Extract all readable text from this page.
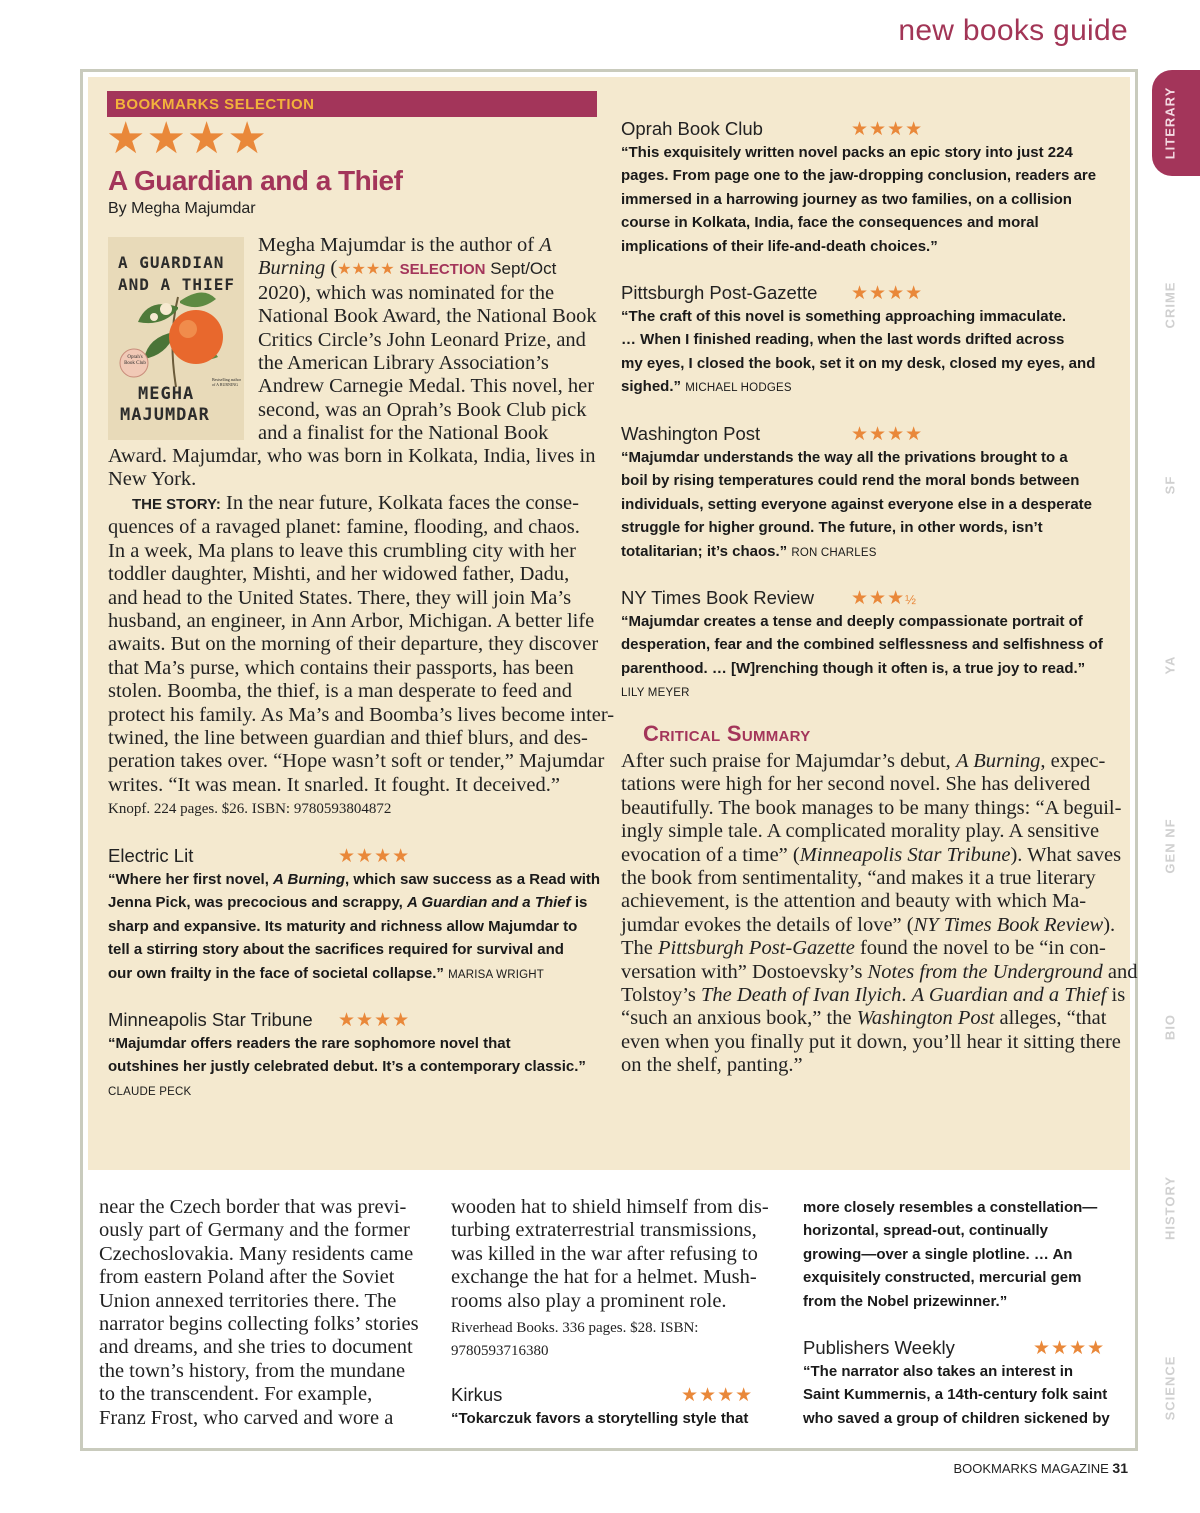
new books guide
LITERARY
CRIME
SF
YA
GEN NF
BIO
HISTORY
SCIENCE
BOOKMARKS SELECTION
★★★★
A Guardian and a Thief
By Megha Majumdar
A GUARDIAN
AND A THIEF
MEGHA
MAJUMDAR
Oprah's Book Club
Bestselling author of A BURNING
Megha Majumdar is the author of A
Burning (★★★★ SELECTION Sept/Oct
2020), which was nominated for the
National Book Award, the National Book
Critics Circle’s John Leonard Prize, and
the American Library Association’s
Andrew Carnegie Medal. This novel, her
second, was an Oprah’s Book Club pick
and a finalist for the National Book
Award. Majumdar, who was born in Kolkata, India, lives in
New York.
THE STORY: In the near future, Kolkata faces the conse-
quences of a ravaged planet: famine, flooding, and chaos.
In a week, Ma plans to leave this crumbling city with her
toddler daughter, Mishti, and her widowed father, Dadu,
and head to the United States. There, they will join Ma’s
husband, an engineer, in Ann Arbor, Michigan. A better life
awaits. But on the morning of their departure, they discover
that Ma’s purse, which contains their passports, has been
stolen. Boomba, the thief, is a man desperate to feed and
protect his family. As Ma’s and Boomba’s lives become inter-
twined, the line between guardian and thief blurs, and des-
peration takes over. “Hope wasn’t soft or tender,” Majumdar
writes. “It was mean. It snarled. It fought. It deceived.”
Knopf. 224 pages. $26. ISBN: 9780593804872
Electric Lit	★★★★
“Where her first novel, A Burning, which saw success as a Read with
Jenna Pick, was precocious and scrappy, A Guardian and a Thief is
sharp and expansive. Its maturity and richness allow Majumdar to
tell a stirring story about the sacrifices required for survival and
our own frailty in the face of societal collapse.” MARISA WRIGHT
Minneapolis Star Tribune ★★★★
“Majumdar offers readers the rare sophomore novel that
outshines her justly celebrated debut. It’s a contemporary classic.”
CLAUDE PECK
Oprah Book Club	★★★★
“This exquisitely written novel packs an epic story into just 224
pages. From page one to the jaw-dropping conclusion, readers are
immersed in a harrowing journey as two families, on a collision
course in Kolkata, India, face the consequences and moral
implications of their life-and-death choices.”
Pittsburgh Post-Gazette ★★★★
“The craft of this novel is something approaching immaculate.
… When I finished reading, when the last words drifted across
my eyes, I closed the book, set it on my desk, closed my eyes, and
sighed.” MICHAEL HODGES
Washington Post	★★★★
“Majumdar understands the way all the privations brought to a
boil by rising temperatures could rend the moral bonds between
individuals, setting everyone against everyone else in a desperate
struggle for higher ground. The future, in other words, isn’t
totalitarian; it’s chaos.” RON CHARLES
NY Times Book Review ★★★½
“Majumdar creates a tense and deeply compassionate portrait of
desperation, fear and the combined selflessness and selfishness of
parenthood. … [W]renching though it often is, a true joy to read.”
LILY MEYER
Critical Summary
After such praise for Majumdar’s debut, A Burning, expec-
tations were high for her second novel. She has delivered
beautifully. The book manages to be many things: “A beguil-
ingly simple tale. A complicated morality play. A sensitive
evocation of a time” (Minneapolis Star Tribune). What saves
the book from sentimentality, “and makes it a true literary
achievement, is the attention and beauty with which Ma-
jumdar evokes the details of love” (NY Times Book Review).
The Pittsburgh Post-Gazette found the novel to be “in con-
versation with” Dostoevsky’s Notes from the Underground and
Tolstoy’s The Death of Ivan Ilyich. A Guardian and a Thief is
“such an anxious book,” the Washington Post alleges, “that
even when you finally put it down, you’ll hear it sitting there
on the shelf, panting.”
near the Czech border that was previ-
ously part of Germany and the former
Czechoslovakia. Many residents came
from eastern Poland after the Soviet
Union annexed territories there. The
narrator begins collecting folks’ stories
and dreams, and she tries to document
the town’s history, from the mundane
to the transcendent. For example,
Franz Frost, who carved and wore a
wooden hat to shield himself from dis-
turbing extraterrestrial transmissions,
was killed in the war after refusing to
exchange the hat for a helmet. Mush-
rooms also play a prominent role.
Riverhead Books. 336 pages. $28. ISBN:
9780593716380
Kirkus	★★★★
“Tokarczuk favors a storytelling style that
more closely resembles a constellation—
horizontal, spread-out, continually
growing—over a single plotline. … An
exquisitely constructed, mercurial gem
from the Nobel prizewinner.”
Publishers Weekly	★★★★
“The narrator also takes an interest in
Saint Kummernis, a 14th-century folk saint
who saved a group of children sickened by
BOOKMARKS MAGAZINE 31
